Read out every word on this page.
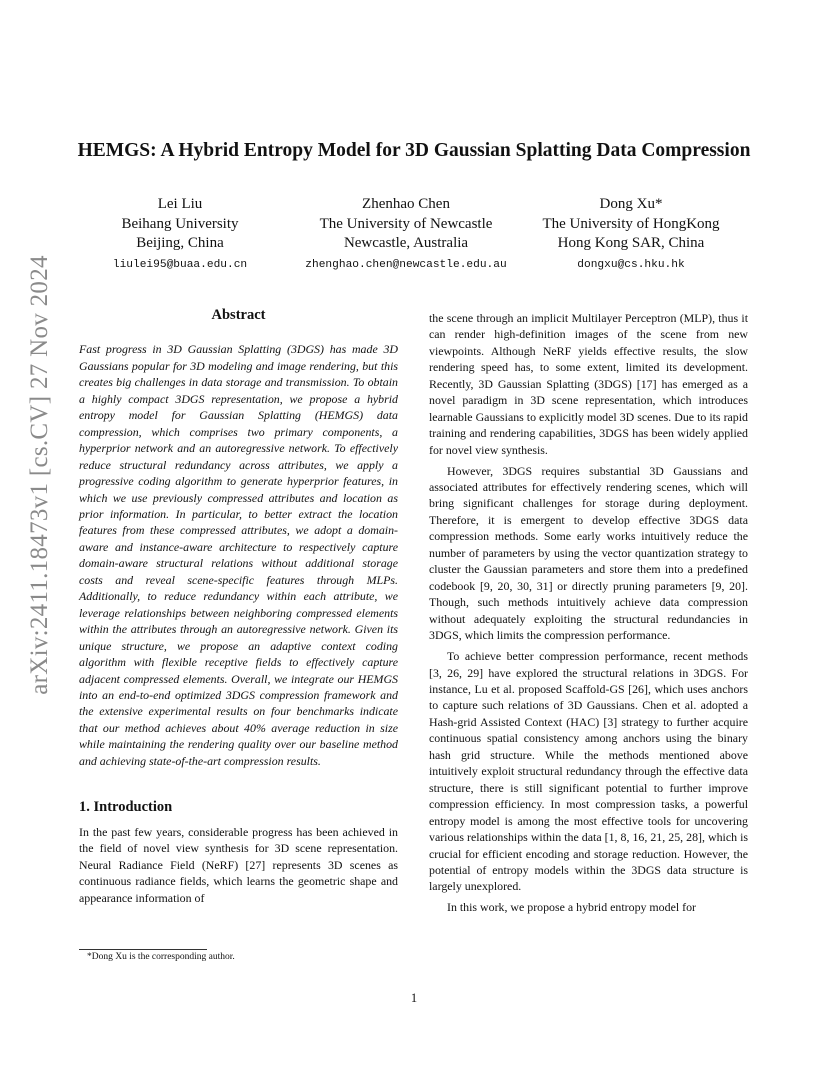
arXiv:2411.18473v1 [cs.CV] 27 Nov 2024
HEMGS: A Hybrid Entropy Model for 3D Gaussian Splatting Data Compression
Lei Liu
Beihang University
Beijing, China
liulei95@buaa.edu.cn
Zhenhao Chen
The University of Newcastle
Newcastle, Australia
zhenghao.chen@newcastle.edu.au
Dong Xu*
The University of HongKong
Hong Kong SAR, China
dongxu@cs.hku.hk
Abstract

Fast progress in 3D Gaussian Splatting (3DGS) has made 3D Gaussians popular for 3D modeling and image rendering, but this creates big challenges in data storage and transmission. To obtain a highly compact 3DGS representation, we propose a hybrid entropy model for Gaussian Splatting (HEMGS) data compression, which comprises two primary components, a hyperprior network and an autoregressive network. To effectively reduce structural redundancy across attributes, we apply a progressive coding algorithm to generate hyperprior features, in which we use previously compressed attributes and location as prior information. In particular, to better extract the location features from these compressed attributes, we adopt a domain-aware and instance-aware architecture to respectively capture domain-aware structural relations without additional storage costs and reveal scene-specific features through MLPs. Additionally, to reduce redundancy within each attribute, we leverage relationships between neighboring compressed elements within the attributes through an autoregressive network. Given its unique structure, we propose an adaptive context coding algorithm with flexible receptive fields to effectively capture adjacent compressed elements. Overall, we integrate our HEMGS into an end-to-end optimized 3DGS compression framework and the extensive experimental results on four benchmarks indicate that our method achieves about 40% average reduction in size while maintaining the rendering quality over our baseline method and achieving state-of-the-art compression results.

1. Introduction

In the past few years, considerable progress has been achieved in the field of novel view synthesis for 3D scene representation. Neural Radiance Field (NeRF) [27] represents 3D scenes as continuous radiance fields, which learns the geometric shape and appearance information of

the scene through an implicit Multilayer Perceptron (MLP), thus it can render high-definition images of the scene from new viewpoints. Although NeRF yields effective results, the slow rendering speed has, to some extent, limited its development. Recently, 3D Gaussian Splatting (3DGS) [17] has emerged as a novel paradigm in 3D scene representation, which introduces learnable Gaussians to explicitly model 3D scenes. Due to its rapid training and rendering capabilities, 3DGS has been widely applied for novel view synthesis.

However, 3DGS requires substantial 3D Gaussians and associated attributes for effectively rendering scenes, which will bring significant challenges for storage during deployment. Therefore, it is emergent to develop effective 3DGS data compression methods. Some early works intuitively reduce the number of parameters by using the vector quantization strategy to cluster the Gaussian parameters and store them into a predefined codebook [9, 20, 30, 31] or directly pruning parameters [9, 20]. Though, such methods intuitively achieve data compression without adequately exploiting the structural redundancies in 3DGS, which limits the compression performance.

To achieve better compression performance, recent methods [3, 26, 29] have explored the structural relations in 3DGS. For instance, Lu et al. proposed Scaffold-GS [26], which uses anchors to capture such relations of 3D Gaussians. Chen et al. adopted a Hash-grid Assisted Context (HAC) [3] strategy to further acquire continuous spatial consistency among anchors using the binary hash grid structure. While the methods mentioned above intuitively exploit structural redundancy through the effective data structure, there is still significant potential to further improve compression efficiency. In most compression tasks, a powerful entropy model is among the most effective tools for uncovering various relationships within the data [1, 8, 16, 21, 25, 28], which is crucial for efficient encoding and storage reduction. However, the potential of entropy models within the 3DGS data structure is largely unexplored.

In this work, we propose a hybrid entropy model for

*Dong Xu is the corresponding author.
1
